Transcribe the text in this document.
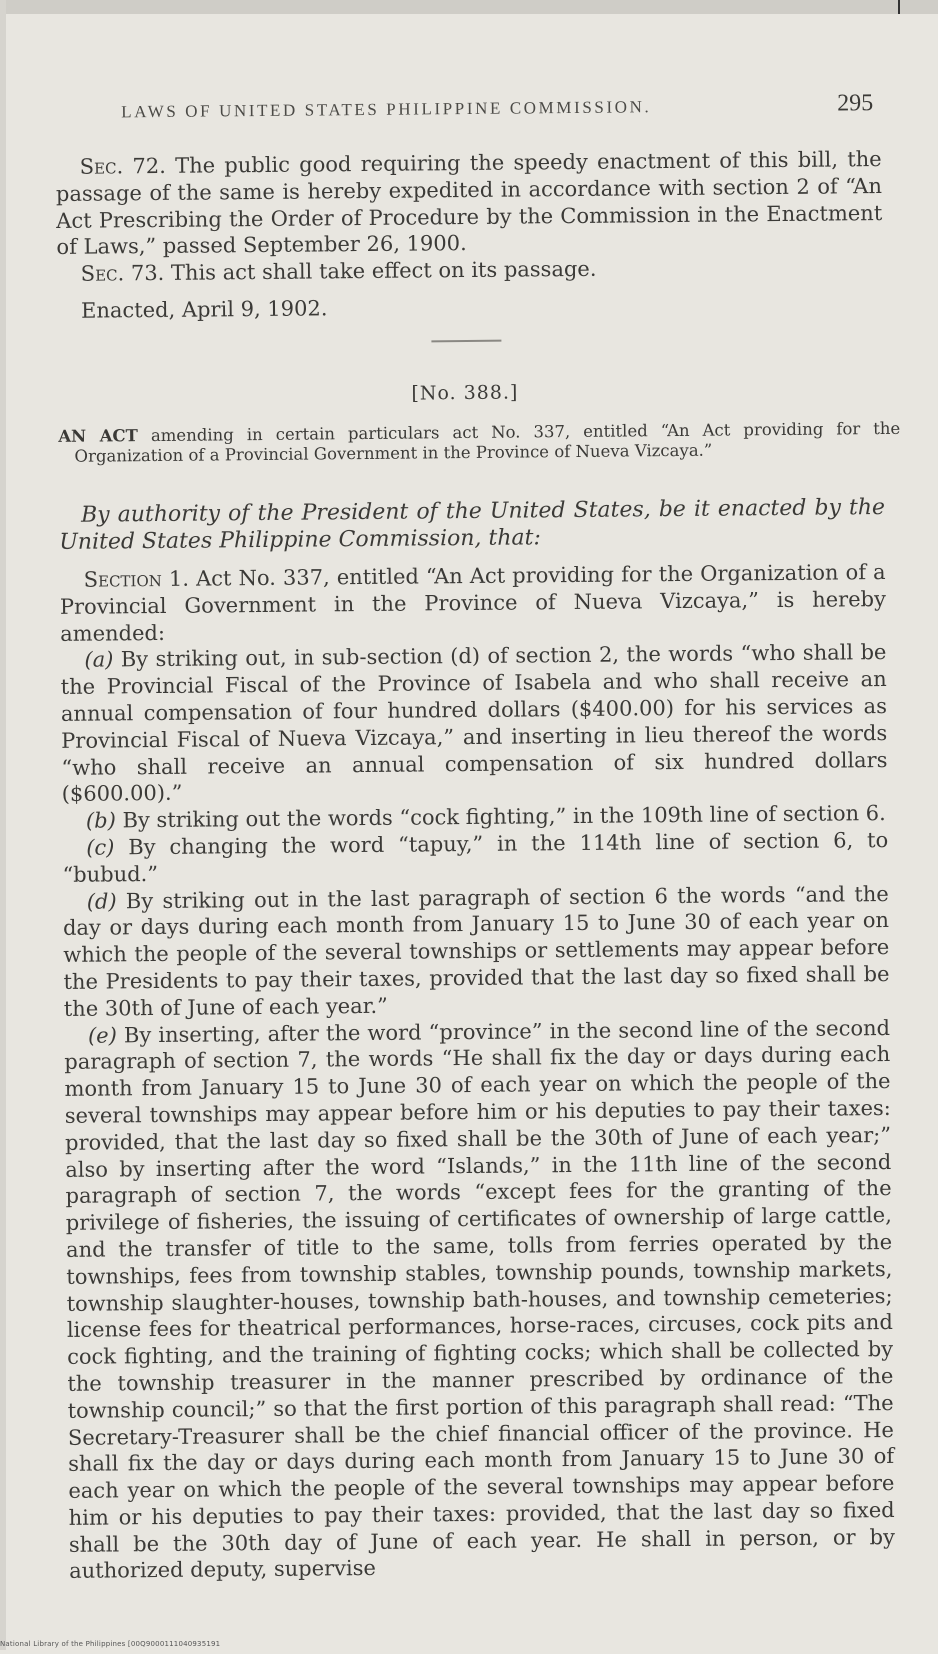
LAWS OF UNITED STATES PHILIPPINE COMMISSION.	295

Sec. 72. The public good requiring the speedy enactment of this bill, the passage of the same is hereby expedited in accordance with section 2 of “An Act Prescribing the Order of Procedure by the Commission in the Enactment of Laws,” passed September 26, 1900.

Sec. 73. This act shall take effect on its passage.

Enacted, April 9, 1902.
[No. 388.]
AN ACT amending in certain particulars act No. 337, entitled “An Act providing for the Organization of a Provincial Government in the Province of Nueva Vizcaya.”
By authority of the President of the United States, be it enacted by the United States Philippine Commission, that:

Section 1. Act No. 337, entitled “An Act providing for the Organization of a Provincial Government in the Province of Nueva Vizcaya,” is hereby amended:

(a) By striking out, in sub-section (d) of section 2, the words “who shall be the Provincial Fiscal of the Province of Isabela and who shall receive an annual compensation of four hundred dollars ($400.00) for his services as Provincial Fiscal of Nueva Vizcaya,” and inserting in lieu thereof the words “who shall receive an annual compensation of six hundred dollars ($600.00).”

(b) By striking out the words “cock fighting,” in the 109th line of section 6.

(c) By changing the word “tapuy,” in the 114th line of section 6, to “bubud.”

(d) By striking out in the last paragraph of section 6 the words “and the day or days during each month from January 15 to June 30 of each year on which the people of the several townships or settlements may appear before the Presidents to pay their taxes, provided that the last day so fixed shall be the 30th of June of each year.”

(e) By inserting, after the word “province” in the second line of the second paragraph of section 7, the words “He shall fix the day or days during each month from January 15 to June 30 of each year on which the people of the several townships may appear before him or his deputies to pay their taxes: provided, that the last day so fixed shall be the 30th of June of each year;” also by inserting after the word “Islands,” in the 11th line of the second paragraph of section 7, the words “except fees for the granting of the privilege of fisheries, the issuing of certificates of ownership of large cattle, and the transfer of title to the same, tolls from ferries operated by the townships, fees from township stables, township pounds, township markets, township slaughter-houses, township bath-houses, and township cemeteries; license fees for theatrical performances, horse-races, circuses, cock pits and cock fighting, and the training of fighting cocks; which shall be collected by the township treasurer in the manner prescribed by ordinance of the township council;” so that the first portion of this paragraph shall read: “The Secretary-Treasurer shall be the chief financial officer of the province. He shall fix the day or days during each month from January 15 to June 30 of each year on which the people of the several townships may appear before him or his deputies to pay their taxes: provided, that the last day so fixed shall be the 30th day of June of each year. He shall in person, or by authorized deputy, supervise

National Library of the Philippines [00Q9000111040935191
